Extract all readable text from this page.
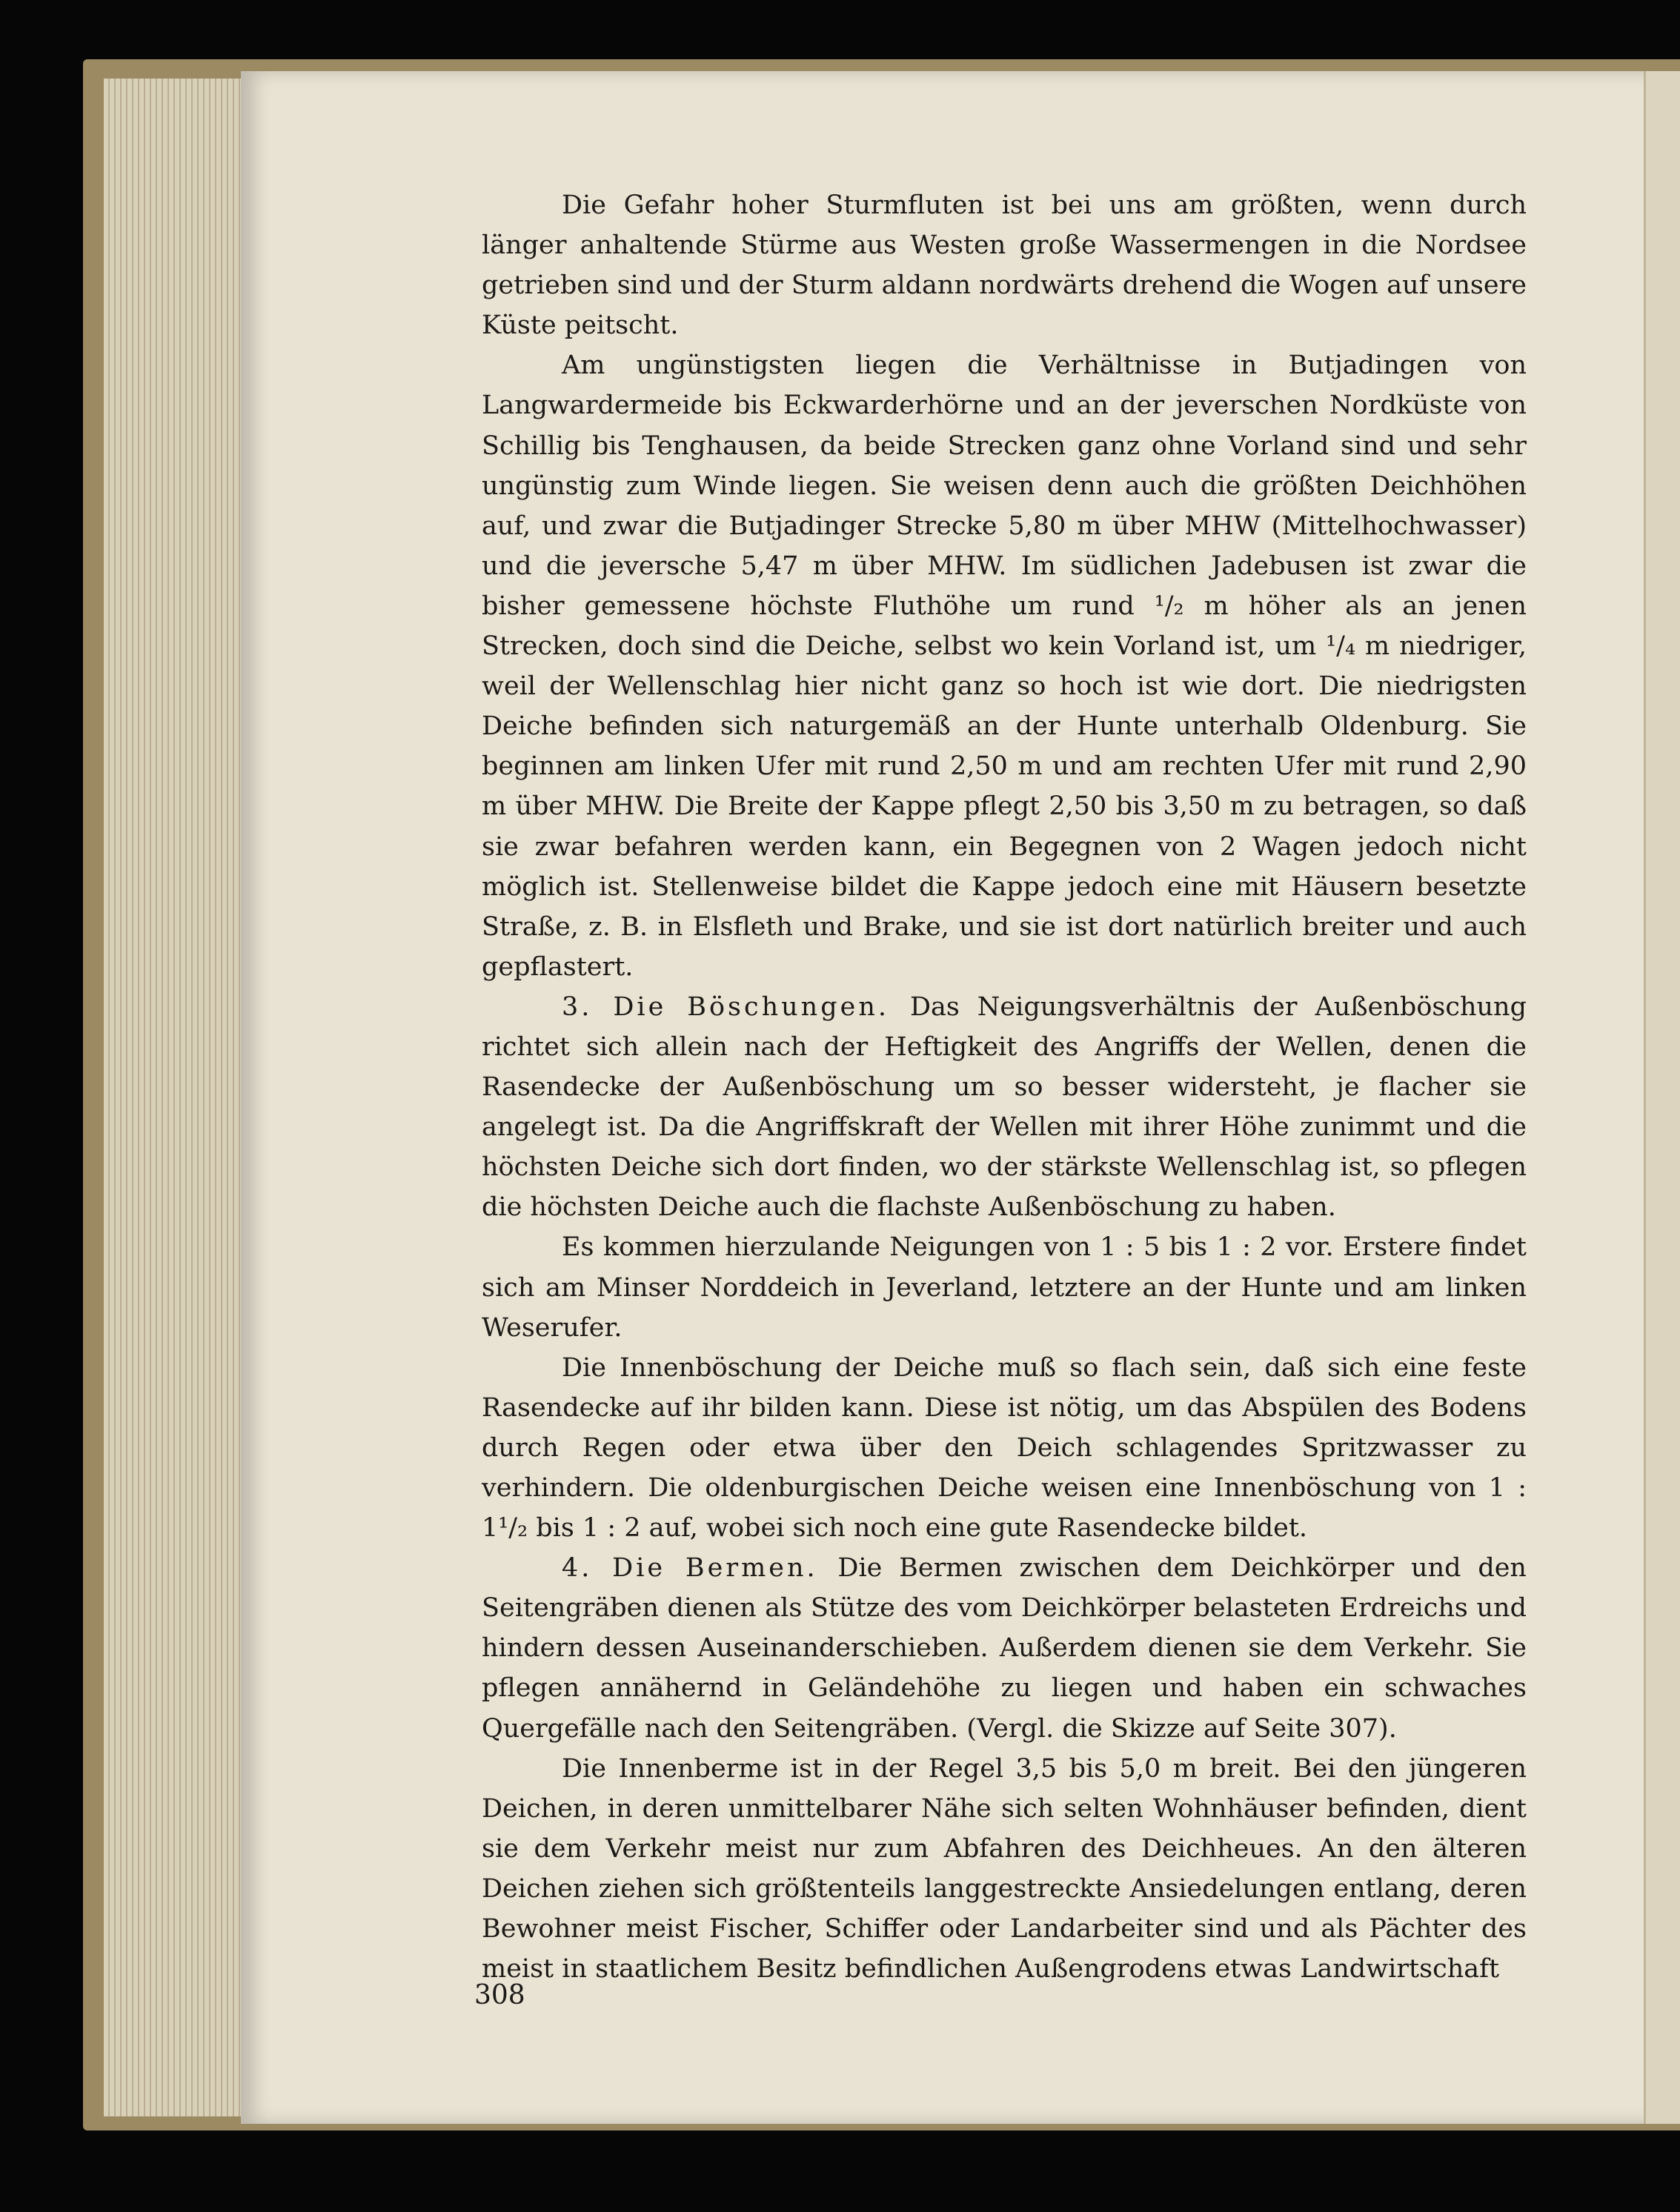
Die Gefahr hoher Sturmfluten ist bei uns am größten, wenn durch länger anhaltende Stürme aus Westen große Wassermengen in die Nordsee getrieben sind und der Sturm aldann nordwärts drehend die Wogen auf unsere Küste peitscht.

Am ungünstigsten liegen die Verhältnisse in Butjadingen von Langwardermeide bis Eckwarderhörne und an der jeverschen Nordküste von Schillig bis Tenghausen, da beide Strecken ganz ohne Vorland sind und sehr ungünstig zum Winde liegen. Sie weisen denn auch die größten Deichhöhen auf, und zwar die Butjadinger Strecke 5,80 m über MHW (Mittelhochwasser) und die jeversche 5,47 m über MHW. Im südlichen Jadebusen ist zwar die bisher gemessene höchste Fluthöhe um rund ¹/₂ m höher als an jenen Strecken, doch sind die Deiche, selbst wo kein Vorland ist, um ¹/₄ m niedriger, weil der Wellenschlag hier nicht ganz so hoch ist wie dort. Die niedrigsten Deiche befinden sich naturgemäß an der Hunte unterhalb Oldenburg. Sie beginnen am linken Ufer mit rund 2,50 m und am rechten Ufer mit rund 2,90 m über MHW. Die Breite der Kappe pflegt 2,50 bis 3,50 m zu betragen, so daß sie zwar befahren werden kann, ein Begegnen von 2 Wagen jedoch nicht möglich ist. Stellenweise bildet die Kappe jedoch eine mit Häusern besetzte Straße, z. B. in Elsfleth und Brake, und sie ist dort natürlich breiter und auch gepflastert.

3. Die Böschungen. Das Neigungsverhältnis der Außenböschung richtet sich allein nach der Heftigkeit des Angriffs der Wellen, denen die Rasendecke der Außenböschung um so besser widersteht, je flacher sie angelegt ist. Da die Angriffskraft der Wellen mit ihrer Höhe zunimmt und die höchsten Deiche sich dort finden, wo der stärkste Wellenschlag ist, so pflegen die höchsten Deiche auch die flachste Außenböschung zu haben.

Es kommen hierzulande Neigungen von 1 : 5 bis 1 : 2 vor. Erstere findet sich am Minser Norddeich in Jeverland, letztere an der Hunte und am linken Weserufer.

Die Innenböschung der Deiche muß so flach sein, daß sich eine feste Rasendecke auf ihr bilden kann. Diese ist nötig, um das Abspülen des Bodens durch Regen oder etwa über den Deich schlagendes Spritzwasser zu verhindern. Die oldenburgischen Deiche weisen eine Innenböschung von 1 : 1¹/₂ bis 1 : 2 auf, wobei sich noch eine gute Rasendecke bildet.

4. Die Bermen. Die Bermen zwischen dem Deichkörper und den Seitengräben dienen als Stütze des vom Deichkörper belasteten Erdreichs und hindern dessen Auseinanderschieben. Außerdem dienen sie dem Verkehr. Sie pflegen annähernd in Geländehöhe zu liegen und haben ein schwaches Quergefälle nach den Seitengräben. (Vergl. die Skizze auf Seite 307).

Die Innenberme ist in der Regel 3,5 bis 5,0 m breit. Bei den jüngeren Deichen, in deren unmittelbarer Nähe sich selten Wohnhäuser befinden, dient sie dem Verkehr meist nur zum Abfahren des Deichheues. An den älteren Deichen ziehen sich größtenteils langgestreckte Ansiedelungen entlang, deren Bewohner meist Fischer, Schiffer oder Landarbeiter sind und als Pächter des meist in staatlichem Besitz befindlichen Außengrodens etwas Landwirtschaft

308
